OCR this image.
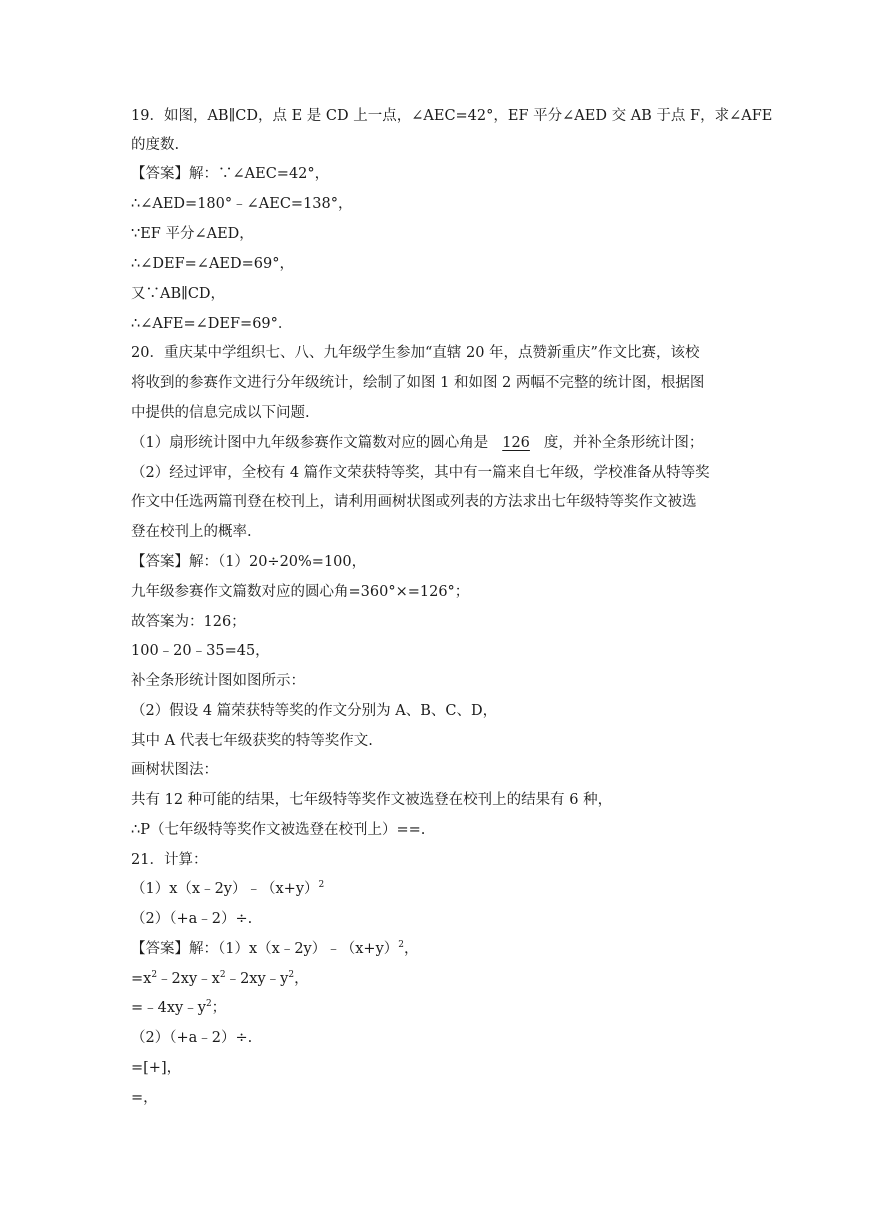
19．如图，AB∥CD，点 E 是 CD 上一点，∠AEC=42°，EF 平分∠AED 交 AB 于点 F，求∠AFE
的度数.
【答案】解：∵∠AEC=42°，
∴∠AED=180°﹣∠AEC=138°，
∵EF 平分∠AED，
∴∠DEF=∠AED=69°，
又∵AB∥CD，
∴∠AFE=∠DEF=69°．
20．重庆某中学组织七、八、九年级学生参加“直辖 20 年，点赞新重庆”作文比赛，该校
将收到的参赛作文进行分年级统计，绘制了如图 1 和如图 2 两幅不完整的统计图，根据图
中提供的信息完成以下问题.
（1）扇形统计图中九年级参赛作文篇数对应的圆心角是 126 度，并补全条形统计图；
（2）经过评审，全校有 4 篇作文荣获特等奖，其中有一篇来自七年级，学校准备从特等奖
作文中任选两篇刊登在校刊上，请利用画树状图或列表的方法求出七年级特等奖作文被选
登在校刊上的概率.
【答案】解：（1）20÷20%=100，
九年级参赛作文篇数对应的圆心角=360°×=126°；
故答案为：126；
100﹣20﹣35=45，
补全条形统计图如图所示：
（2）假设 4 篇荣获特等奖的作文分别为 A、B、C、D，
其中 A 代表七年级获奖的特等奖作文.
画树状图法：
共有 12 种可能的结果，七年级特等奖作文被选登在校刊上的结果有 6 种，
∴P（七年级特等奖作文被选登在校刊上）==.
21．计算：
$(1)x(x﹣2y)﹣(x+y)^2$
（2）（+a﹣2）÷.
【答案】解：$(1)x(x﹣2y)﹣(x+y)^2$，
$=x^2﹣2xy﹣x^2﹣2xy﹣y^2$，
$=﹣4xy﹣y^2$；
（2）（+a﹣2）÷.
=[+]，
=，
